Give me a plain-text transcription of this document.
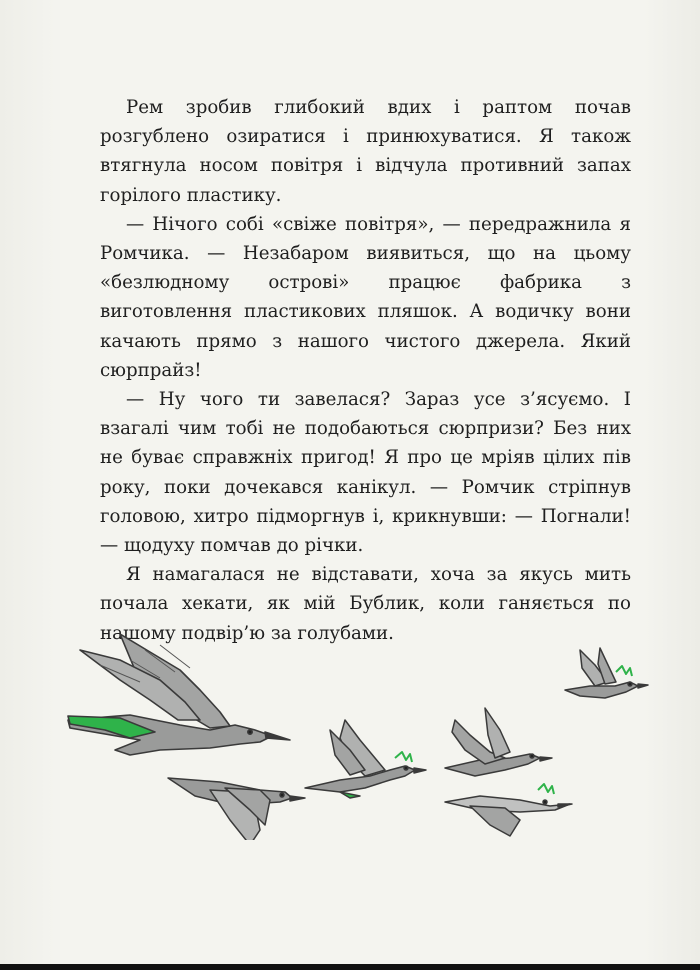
Рем зробив глибокий вдих і раптом почав розгублено озиратися і принюхуватися. Я також втягнула носом повітря і відчула противний запах горілого пластику.

— Нічого собі «свіже повітря», — передражнила я Ромчика. — Незабаром виявиться, що на цьому «безлюдному острові» працює фабрика з виготовлення пластикових пляшок. А водичку вони качають прямо з нашого чистого джерела. Який сюрпрайз!

— Ну чого ти завелася? Зараз усе з’ясуємо. І взагалі чим тобі не подобаються сюрпризи? Без них не буває справжніх пригод! Я про це мріяв цілих пів року, поки дочекався канікул. — Ромчик стріпнув головою, хитро підморгнув і, крикнувши: — Погнали! — щодуху помчав до річки.

Я намагалася не відставати, хоча за якусь мить почала хекати, як мій Бублик, коли ганяється по нашому подвір’ю за голубами.
